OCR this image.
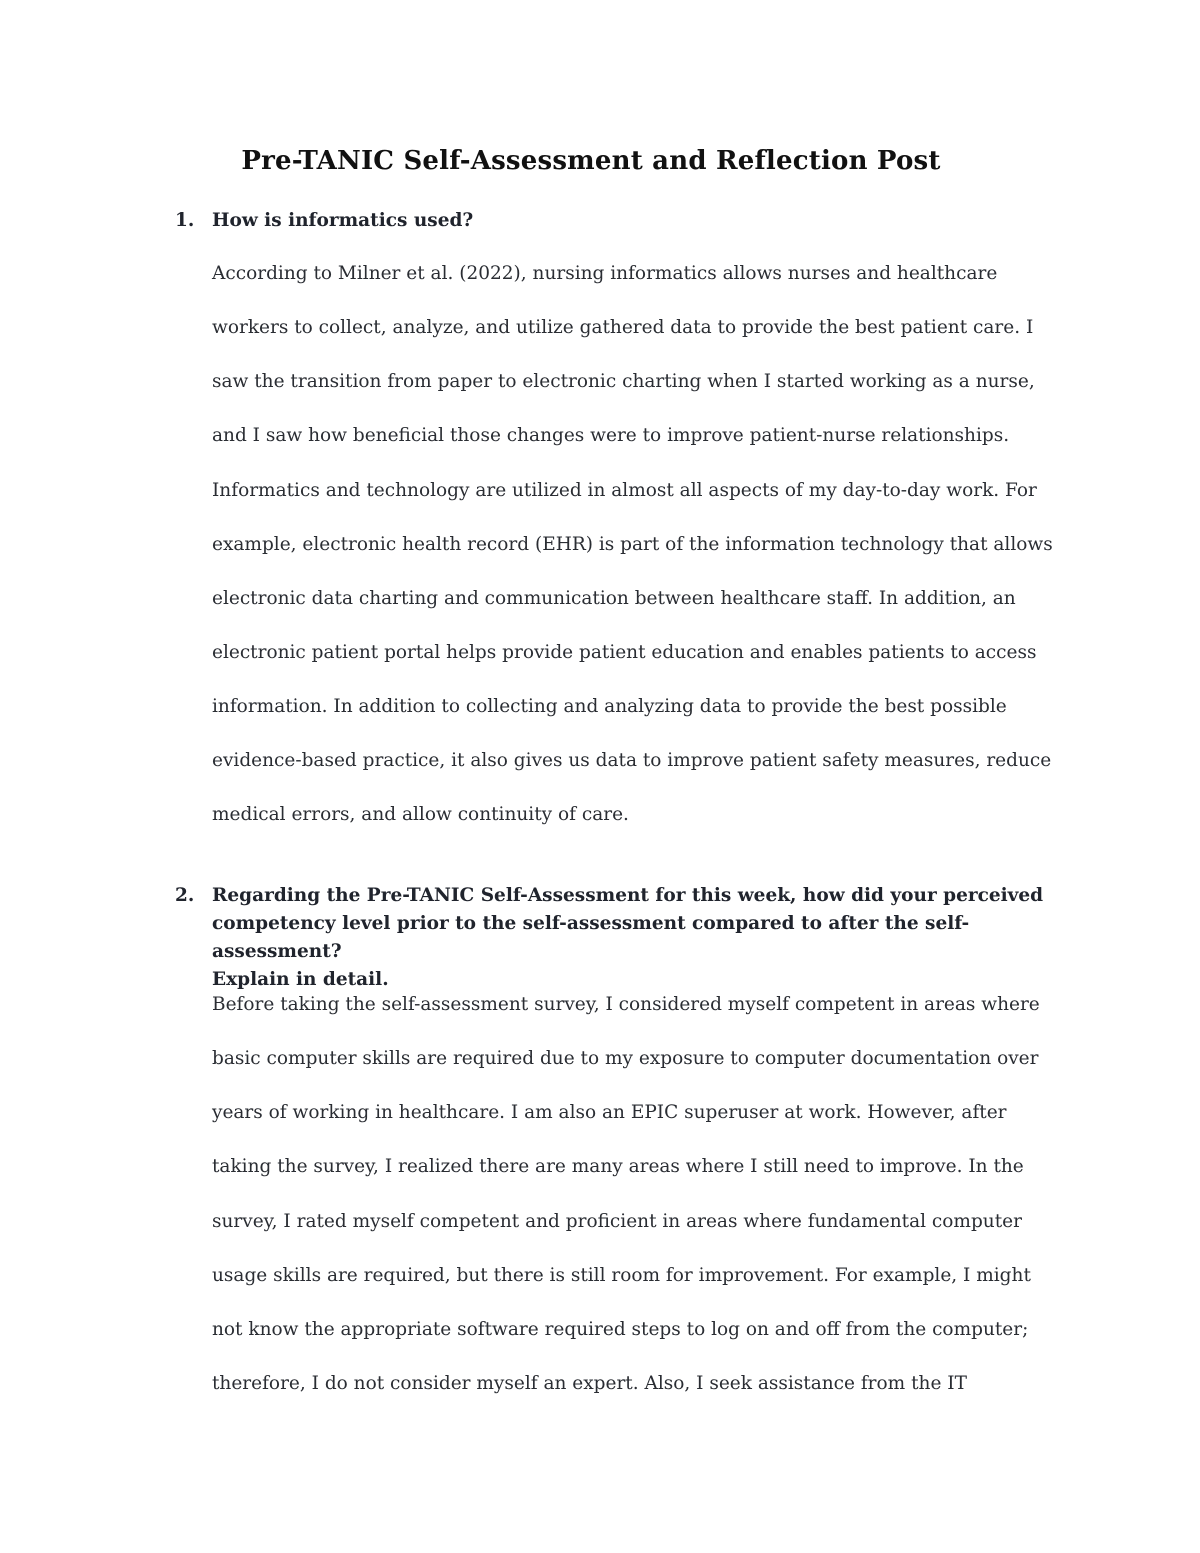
Pre-TANIC Self-Assessment and Reflection Post
1. How is informatics used?

According to Milner et al. (2022), nursing informatics allows nurses and healthcare

workers to collect, analyze, and utilize gathered data to provide the best patient care. I

saw the transition from paper to electronic charting when I started working as a nurse,

and I saw how beneficial those changes were to improve patient-nurse relationships.

Informatics and technology are utilized in almost all aspects of my day-to-day work. For

example, electronic health record (EHR) is part of the information technology that allows

electronic data charting and communication between healthcare staff. In addition, an

electronic patient portal helps provide patient education and enables patients to access

information. In addition to collecting and analyzing data to provide the best possible

evidence-based practice, it also gives us data to improve patient safety measures, reduce

medical errors, and allow continuity of care.

2. Regarding the Pre-TANIC Self-Assessment for this week, how did your perceived
competency level prior to the self-assessment compared to after the self-assessment?
Explain in detail.

Before taking the self-assessment survey, I considered myself competent in areas where

basic computer skills are required due to my exposure to computer documentation over

years of working in healthcare. I am also an EPIC superuser at work. However, after

taking the survey, I realized there are many areas where I still need to improve. In the

survey, I rated myself competent and proficient in areas where fundamental computer

usage skills are required, but there is still room for improvement. For example, I might

not know the appropriate software required steps to log on and off from the computer;

therefore, I do not consider myself an expert. Also, I seek assistance from the IT
